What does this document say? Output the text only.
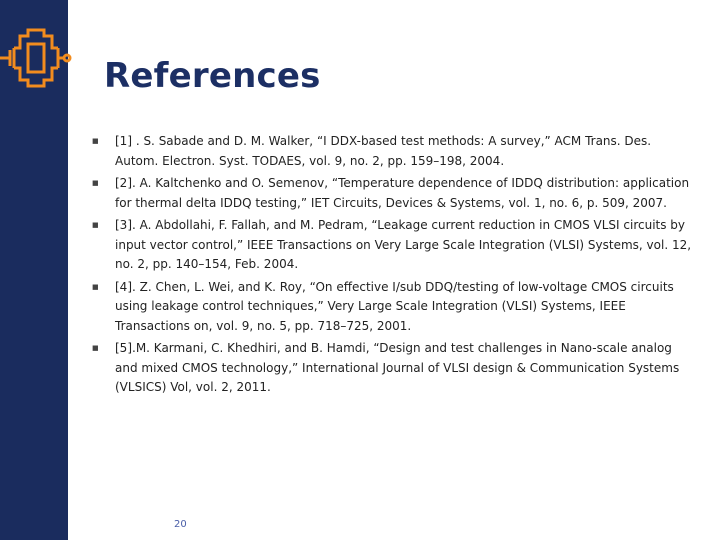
References
■ [1] . S. Sabade and D. M. Walker, “I DDX-based test methods: A survey,” ACM Trans. Des. Autom. Electron. Syst. TODAES, vol. 9, no. 2, pp. 159–198, 2004.
■ [2]. A. Kaltchenko and O. Semenov, “Temperature dependence of IDDQ distribution: application for thermal delta IDDQ testing,” IET Circuits, Devices & Systems, vol. 1, no. 6, p. 509, 2007.
■ [3]. A. Abdollahi, F. Fallah, and M. Pedram, “Leakage current reduction in CMOS VLSI circuits by input vector control,” IEEE Transactions on Very Large Scale Integration (VLSI) Systems, vol. 12, no. 2, pp. 140–154, Feb. 2004.
■ [4]. Z. Chen, L. Wei, and K. Roy, “On effective I/sub DDQ/testing of low-voltage CMOS circuits using leakage control techniques,” Very Large Scale Integration (VLSI) Systems, IEEE Transactions on, vol. 9, no. 5, pp. 718–725, 2001.
■ [5].M. Karmani, C. Khedhiri, and B. Hamdi, “Design and test challenges in Nano-scale analog and mixed CMOS technology,” International Journal of VLSI design & Communication Systems (VLSICS) Vol, vol. 2, 2011.
20
